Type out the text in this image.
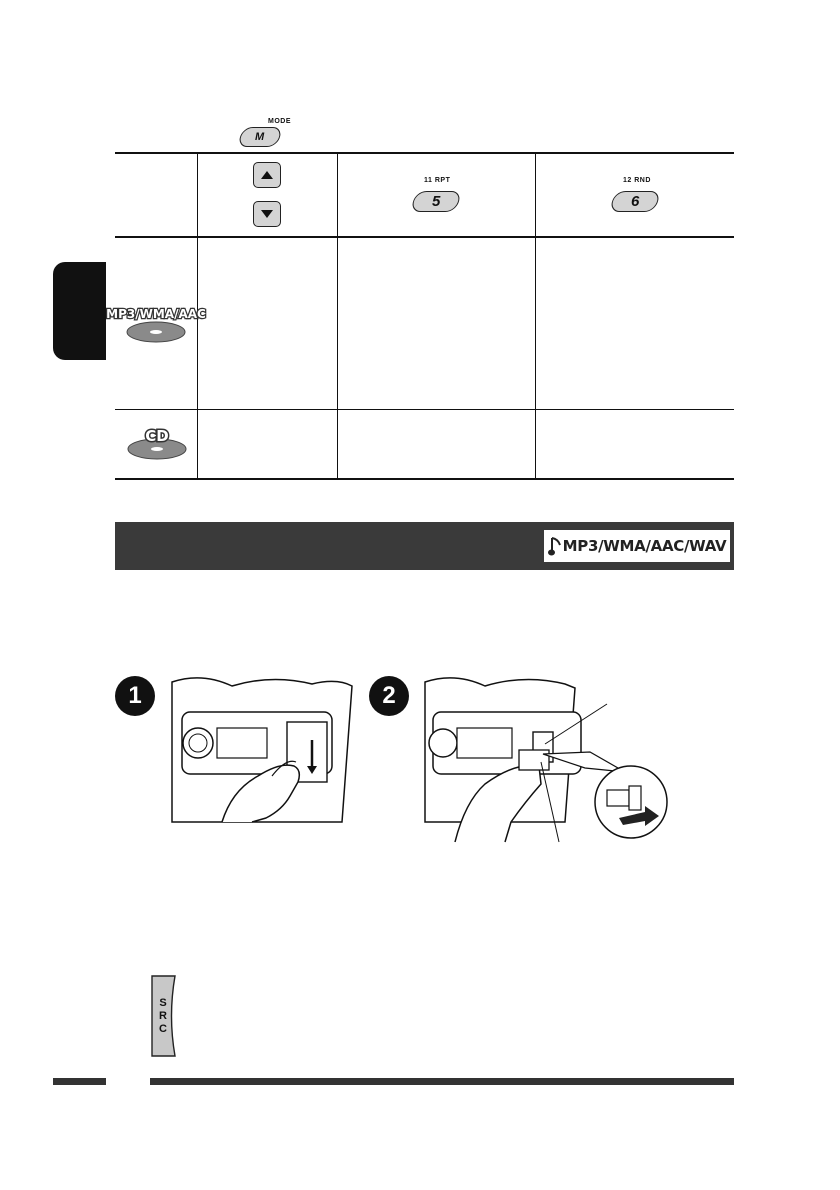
MODE
M
11 RPT
5
12 RND
6
MP3/WMA/AAC
CD
MP3/WMA/AAC/WAV
1	2
SRC
